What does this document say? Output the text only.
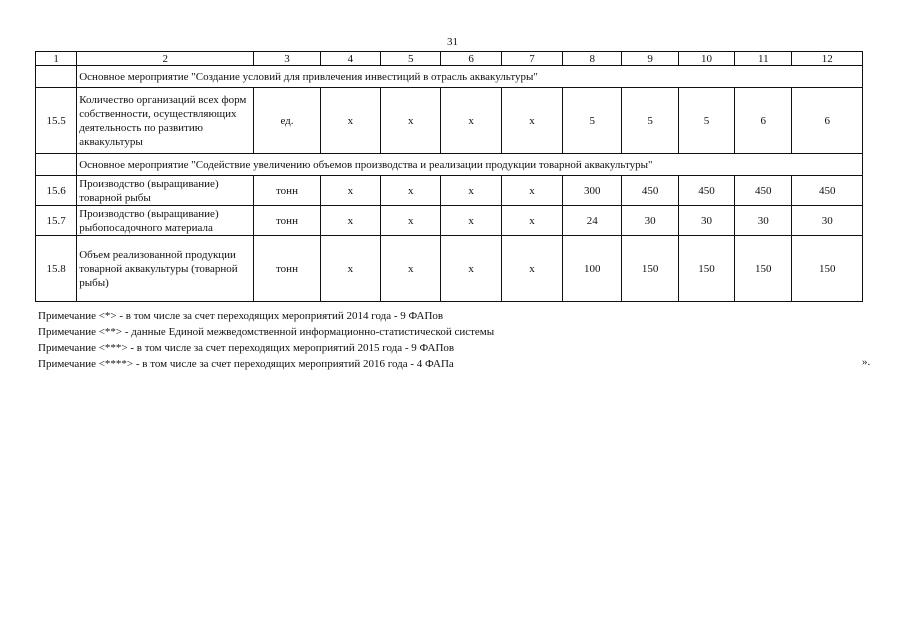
31
1	2	3	4	5	6	7	8	9	10	11	12
	Основное мероприятие "Создание условий для привлечения инвестиций в отрасль аквакультуры"										
15.5	Количество организаций всех форм собственности, осуществляющих деятельность по развитию аквакультуры	ед.	х	х	х	х	5	5	5	6	6
	Основное мероприятие "Содействие увеличению объемов производства и реализации продукции товарной аквакультуры"										
15.6	Производство (выращивание) товарной рыбы	тонн	х	х	х	х	300	450	450	450	450
15.7	Производство (выращивание) рыбопосадочного материала	тонн	х	х	х	х	24	30	30	30	30
15.8	Объем реализованной продукции товарной аквакультуры (товарной рыбы)	тонн	х	х	х	х	100	150	150	150	150
Примечание <*> - в том числе за счет переходящих мероприятий 2014 года - 9 ФАПов
Примечание <**> - данные Единой межведомственной информационно-статистической системы
Примечание <***> - в том числе за счет переходящих мероприятий 2015 года - 9 ФАПов
Примечание <****> - в том числе за счет переходящих мероприятий 2016 года - 4 ФАПа	».
